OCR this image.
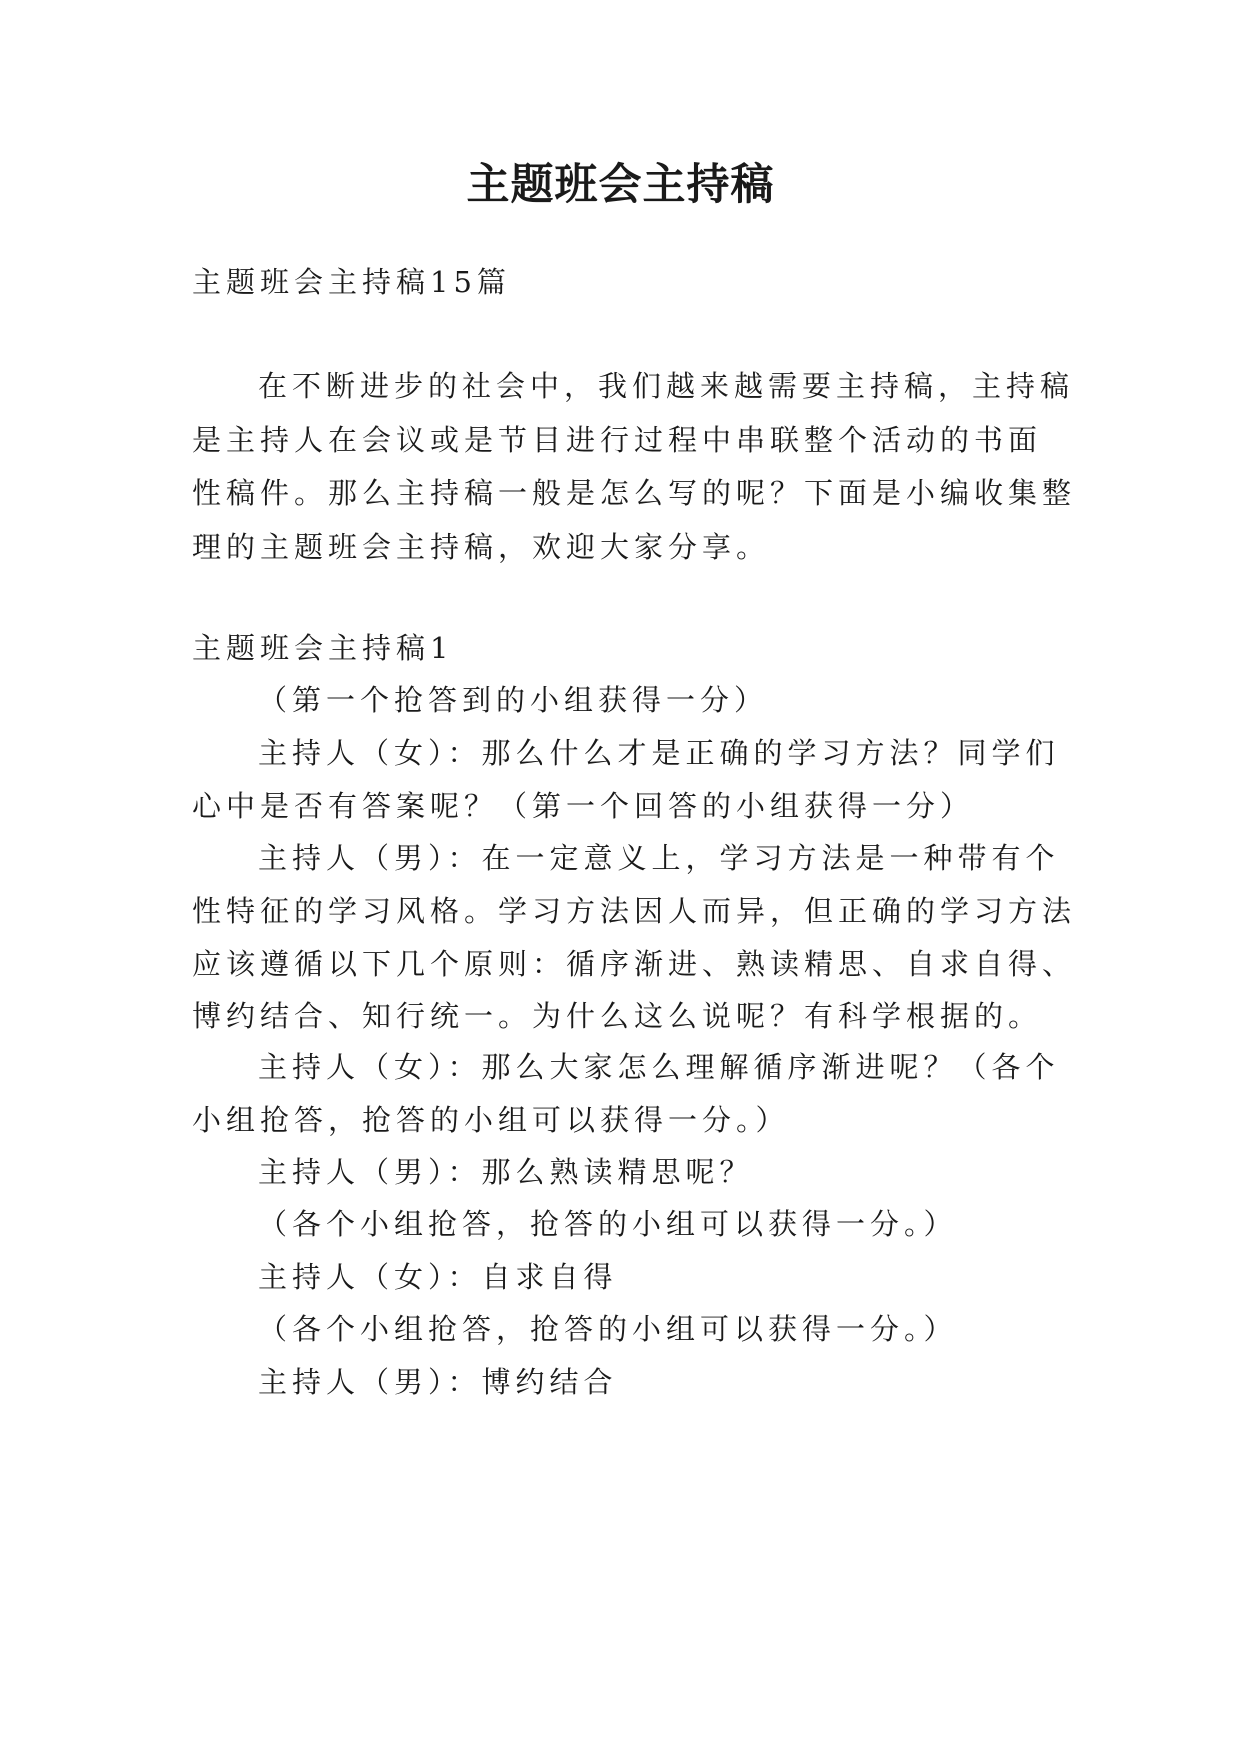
主题班会主持稿

主题班会主持稿15篇

在不断进步的社会中，我们越来越需要主持稿，主持稿

是主持人在会议或是节目进行过程中串联整个活动的书面

性稿件。那么主持稿一般是怎么写的呢？下面是小编收集整

理的主题班会主持稿，欢迎大家分享。

主题班会主持稿1

（第一个抢答到的小组获得一分）

主持人（女）：那么什么才是正确的学习方法？同学们

心中是否有答案呢？（第一个回答的小组获得一分）

主持人（男）：在一定意义上，学习方法是一种带有个

性特征的学习风格。学习方法因人而异，但正确的学习方法

应该遵循以下几个原则：循序渐进、熟读精思、自求自得、

博约结合、知行统一。为什么这么说呢？有科学根据的。

主持人（女）：那么大家怎么理解循序渐进呢？（各个

小组抢答，抢答的小组可以获得一分。）

主持人（男）：那么熟读精思呢？

（各个小组抢答，抢答的小组可以获得一分。）

主持人（女）：自求自得

（各个小组抢答，抢答的小组可以获得一分。）

主持人（男）：博约结合
